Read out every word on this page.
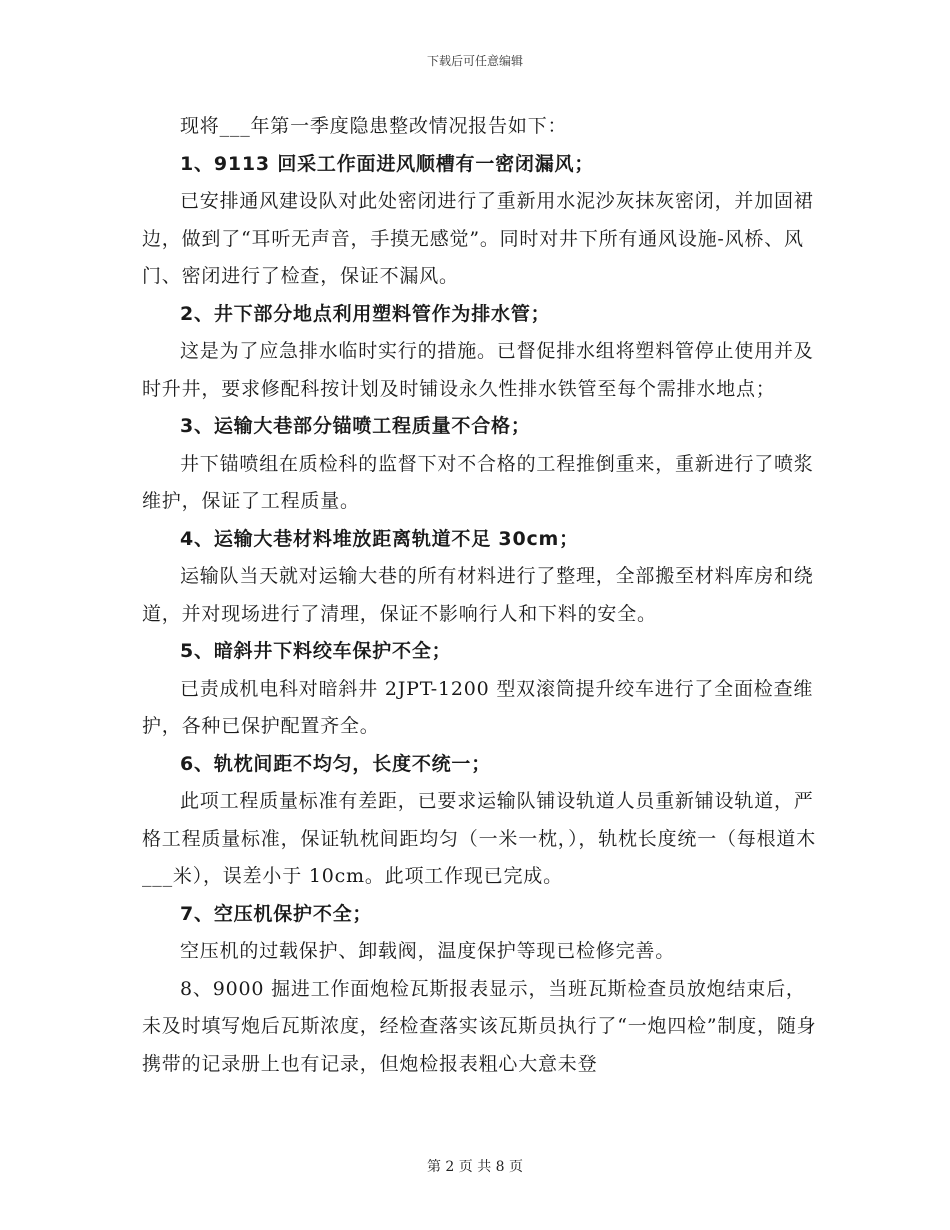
下载后可任意编辑

现将___年第一季度隐患整改情况报告如下：

1、9113 回采工作面进风顺槽有一密闭漏风；

已安排通风建设队对此处密闭进行了重新用水泥沙灰抹灰密闭，并加固裙边，做到了“耳听无声音，手摸无感觉”。同时对井下所有通风设施-风桥、风门、密闭进行了检查，保证不漏风。

2、井下部分地点利用塑料管作为排水管；

这是为了应急排水临时实行的措施。已督促排水组将塑料管停止使用并及时升井，要求修配科按计划及时铺设永久性排水铁管至每个需排水地点；

3、运输大巷部分锚喷工程质量不合格；

井下锚喷组在质检科的监督下对不合格的工程推倒重来，重新进行了喷浆维护，保证了工程质量。

4、运输大巷材料堆放距离轨道不足 30cm；

运输队当天就对运输大巷的所有材料进行了整理，全部搬至材料库房和绕道，并对现场进行了清理，保证不影响行人和下料的安全。

5、暗斜井下料绞车保护不全；

已责成机电科对暗斜井 2JPT-1200 型双滚筒提升绞车进行了全面检查维护，各种已保护配置齐全。

6、轨枕间距不均匀，长度不统一；

此项工程质量标准有差距，已要求运输队铺设轨道人员重新铺设轨道，严格工程质量标准，保证轨枕间距均匀（一米一枕，），轨枕长度统一（每根道木___米），误差小于 10cm。此项工作现已完成。

7、空压机保护不全；

空压机的过载保护、卸载阀，温度保护等现已检修完善。

8、9000 掘进工作面炮检瓦斯报表显示，当班瓦斯检查员放炮结束后，未及时填写炮后瓦斯浓度，经检查落实该瓦斯员执行了“一炮四检”制度，随身携带的记录册上也有记录，但炮检报表粗心大意未登

第 2 页 共 8 页
